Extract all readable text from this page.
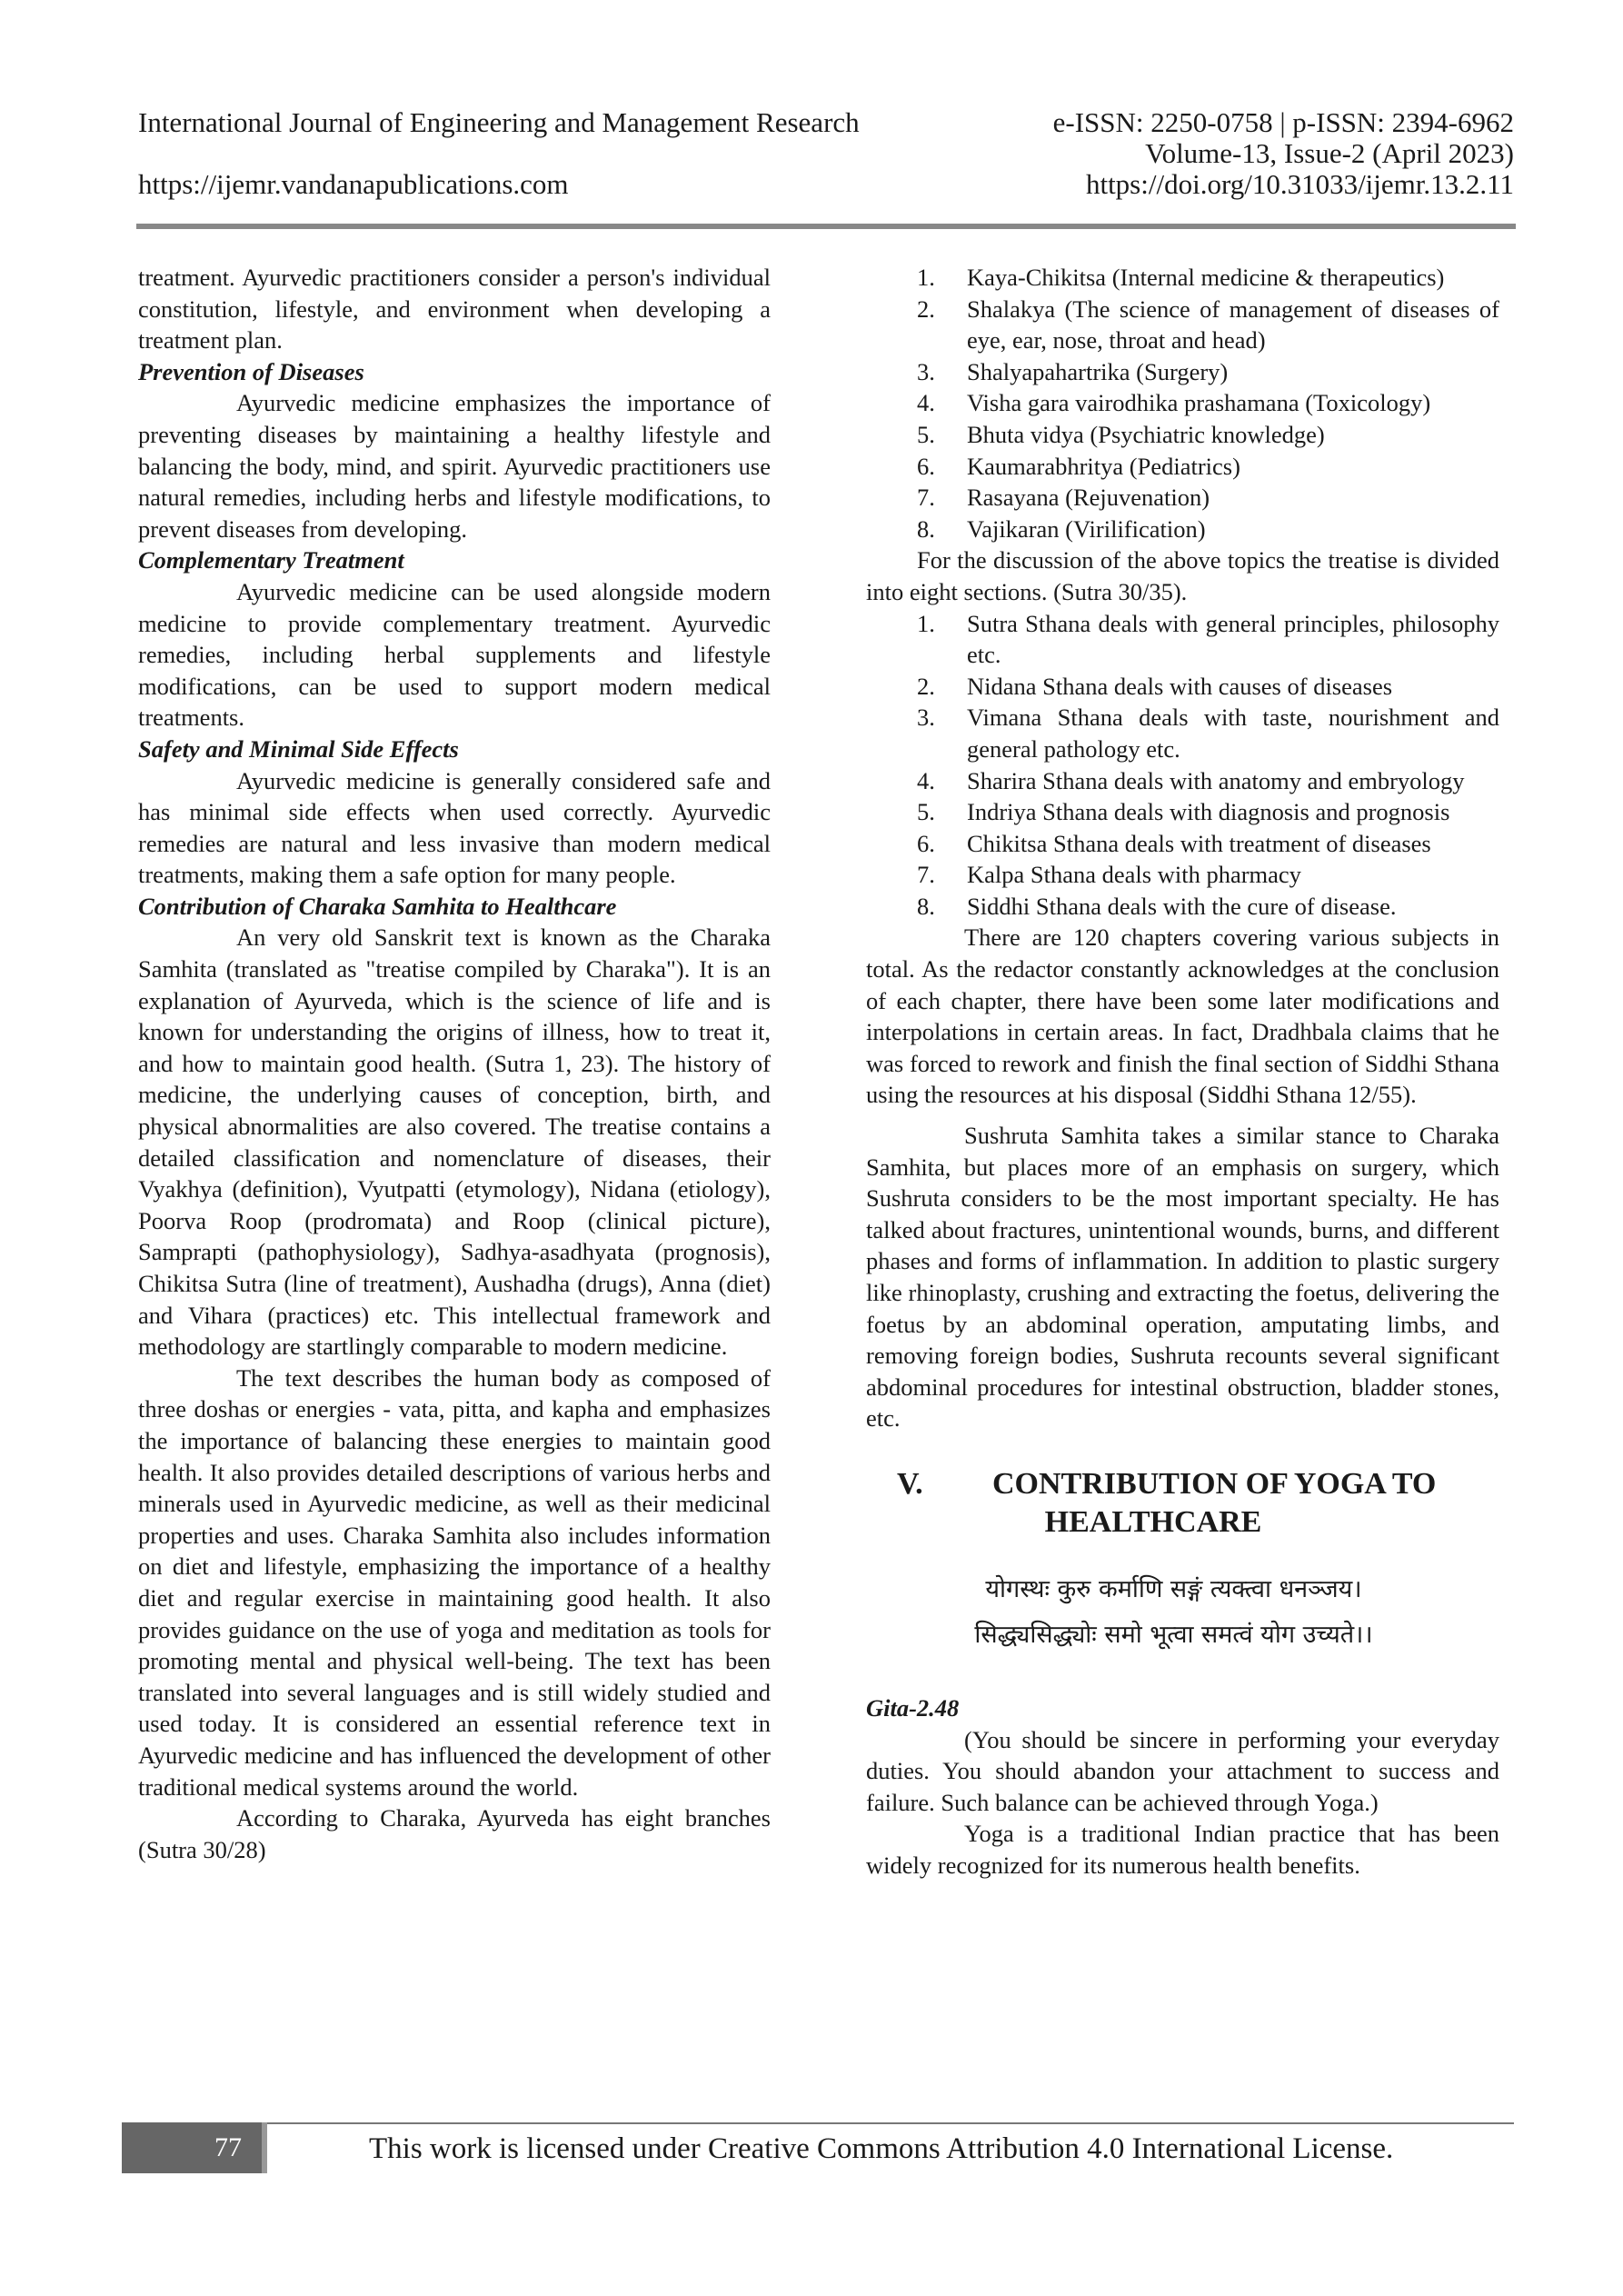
International Journal of Engineering and Management Research	e-ISSN: 2250-0758 | p-ISSN: 2394-6962
Volume-13, Issue-2 (April 2023)
https://ijemr.vandanapublications.com	https://doi.org/10.31033/ijemr.13.2.11

treatment. Ayurvedic practitioners consider a person's individual constitution, lifestyle, and environment when developing a treatment plan.

Prevention of Diseases

Ayurvedic medicine emphasizes the importance of preventing diseases by maintaining a healthy lifestyle and balancing the body, mind, and spirit. Ayurvedic practitioners use natural remedies, including herbs and lifestyle modifications, to prevent diseases from developing.

Complementary Treatment

Ayurvedic medicine can be used alongside modern medicine to provide complementary treatment. Ayurvedic remedies, including herbal supplements and lifestyle modifications, can be used to support modern medical treatments.

Safety and Minimal Side Effects

Ayurvedic medicine is generally considered safe and has minimal side effects when used correctly. Ayurvedic remedies are natural and less invasive than modern medical treatments, making them a safe option for many people.

Contribution of Charaka Samhita to Healthcare

An very old Sanskrit text is known as the Charaka Samhita (translated as "treatise compiled by Charaka"). It is an explanation of Ayurveda, which is the science of life and is known for understanding the origins of illness, how to treat it, and how to maintain good health. (Sutra 1, 23). The history of medicine, the underlying causes of conception, birth, and physical abnormalities are also covered. The treatise contains a detailed classification and nomenclature of diseases, their Vyakhya (definition), Vyutpatti (etymology), Nidana (etiology), Poorva Roop (prodromata) and Roop (clinical picture), Samprapti (pathophysiology), Sadhya-asadhyata (prognosis), Chikitsa Sutra (line of treatment), Aushadha (drugs), Anna (diet) and Vihara (practices) etc. This intellectual framework and methodology are startlingly comparable to modern medicine.

The text describes the human body as composed of three doshas or energies - vata, pitta, and kapha and emphasizes the importance of balancing these energies to maintain good health. It also provides detailed descriptions of various herbs and minerals used in Ayurvedic medicine, as well as their medicinal properties and uses. Charaka Samhita also includes information on diet and lifestyle, emphasizing the importance of a healthy diet and regular exercise in maintaining good health. It also provides guidance on the use of yoga and meditation as tools for promoting mental and physical well-being. The text has been translated into several languages and is still widely studied and used today. It is considered an essential reference text in Ayurvedic medicine and has influenced the development of other traditional medical systems around the world.

According to Charaka, Ayurveda has eight branches (Sutra 30/28)

1. Kaya-Chikitsa (Internal medicine & therapeutics)
2. Shalakya (The science of management of diseases of eye, ear, nose, throat and head)
3. Shalyapahartrika (Surgery)
4. Visha gara vairodhika prashamana (Toxicology)
5. Bhuta vidya (Psychiatric knowledge)
6. Kaumarabhritya (Pediatrics)
7. Rasayana (Rejuvenation)
8. Vajikaran (Virilification)

For the discussion of the above topics the treatise is divided into eight sections. (Sutra 30/35).

1. Sutra Sthana deals with general principles, philosophy etc.
2. Nidana Sthana deals with causes of diseases
3. Vimana Sthana deals with taste, nourishment and general pathology etc.
4. Sharira Sthana deals with anatomy and embryology
5. Indriya Sthana deals with diagnosis and prognosis
6. Chikitsa Sthana deals with treatment of diseases
7. Kalpa Sthana deals with pharmacy
8. Siddhi Sthana deals with the cure of disease.

There are 120 chapters covering various subjects in total. As the redactor constantly acknowledges at the conclusion of each chapter, there have been some later modifications and interpolations in certain areas. In fact, Dradhbala claims that he was forced to rework and finish the final section of Siddhi Sthana using the resources at his disposal (Siddhi Sthana 12/55).

Sushruta Samhita takes a similar stance to Charaka Samhita, but places more of an emphasis on surgery, which Sushruta considers to be the most important specialty. He has talked about fractures, unintentional wounds, burns, and different phases and forms of inflammation. In addition to plastic surgery like rhinoplasty, crushing and extracting the foetus, delivering the foetus by an abdominal operation, amputating limbs, and removing foreign bodies, Sushruta recounts several significant abdominal procedures for intestinal obstruction, bladder stones, etc.

V.	CONTRIBUTION OF YOGA TO
HEALTHCARE
योगस्थः कुरु कर्माणि सङ्गं त्यक्त्वा धनञ्जय।
सिद्ध्यसिद्ध्योः समो भूत्वा समत्वं योग उच्यते।।
Gita-2.48

(You should be sincere in performing your everyday duties. You should abandon your attachment to success and failure. Such balance can be achieved through Yoga.)

Yoga is a traditional Indian practice that has been widely recognized for its numerous health benefits.

77	This work is licensed under Creative Commons Attribution 4.0 International License.
